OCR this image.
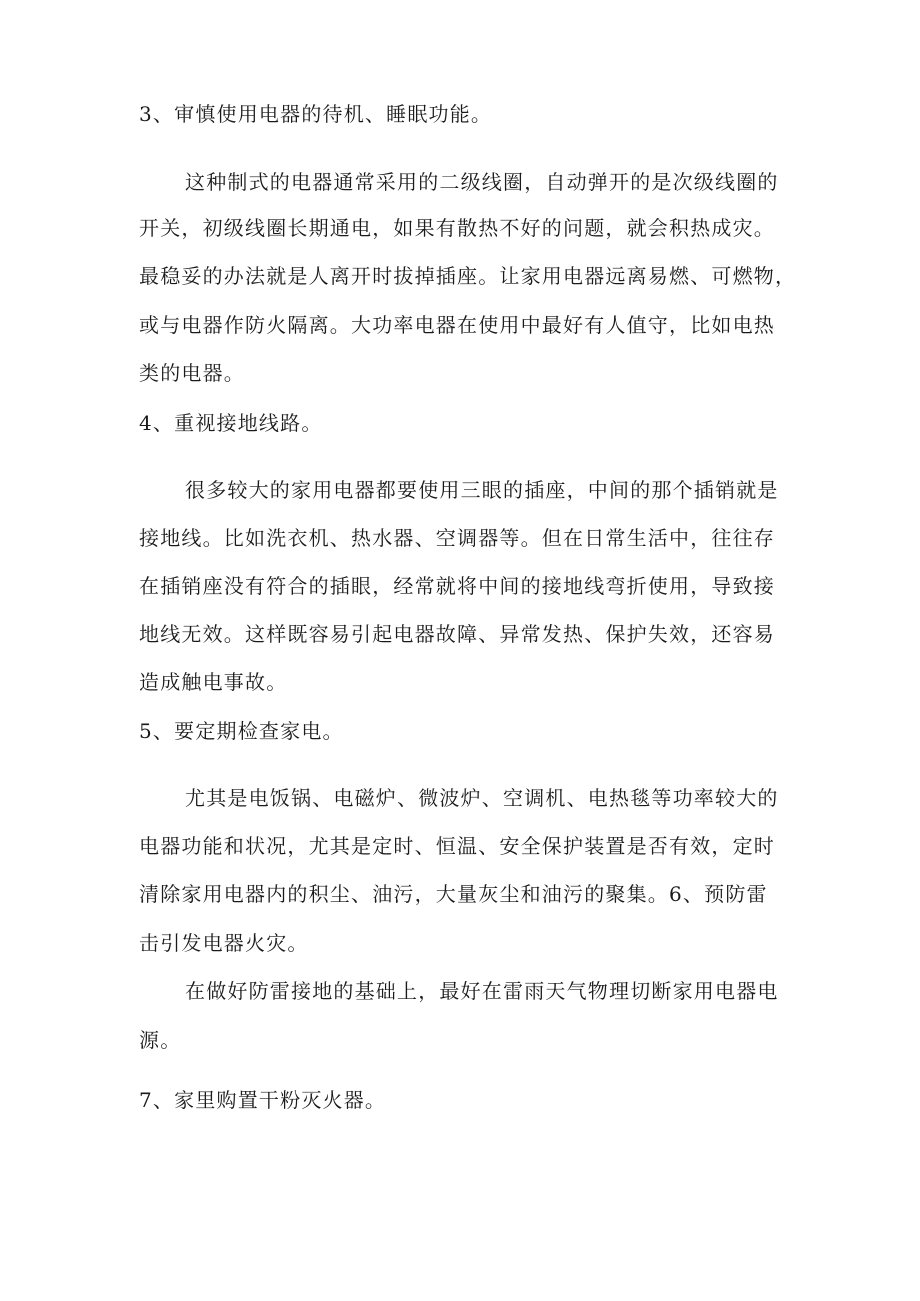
3、审慎使用电器的待机、睡眠功能。
这种制式的电器通常采用的二级线圈，自动弹开的是次级线圈的
开关，初级线圈长期通电，如果有散热不好的问题，就会积热成灾。
最稳妥的办法就是人离开时拔掉插座。让家用电器远离易燃、可燃物，
或与电器作防火隔离。大功率电器在使用中最好有人值守，比如电热
类的电器。
4、重视接地线路。
很多较大的家用电器都要使用三眼的插座，中间的那个插销就是
接地线。比如洗衣机、热水器、空调器等。但在日常生活中，往往存
在插销座没有符合的插眼，经常就将中间的接地线弯折使用，导致接
地线无效。这样既容易引起电器故障、异常发热、保护失效，还容易
造成触电事故。
5、要定期检查家电。
尤其是电饭锅、电磁炉、微波炉、空调机、电热毯等功率较大的
电器功能和状况，尤其是定时、恒温、安全保护装置是否有效，定时
清除家用电器内的积尘、油污，大量灰尘和油污的聚集。6、预防雷
击引发电器火灾。
在做好防雷接地的基础上，最好在雷雨天气物理切断家用电器电
源。
7、家里购置干粉灭火器。
